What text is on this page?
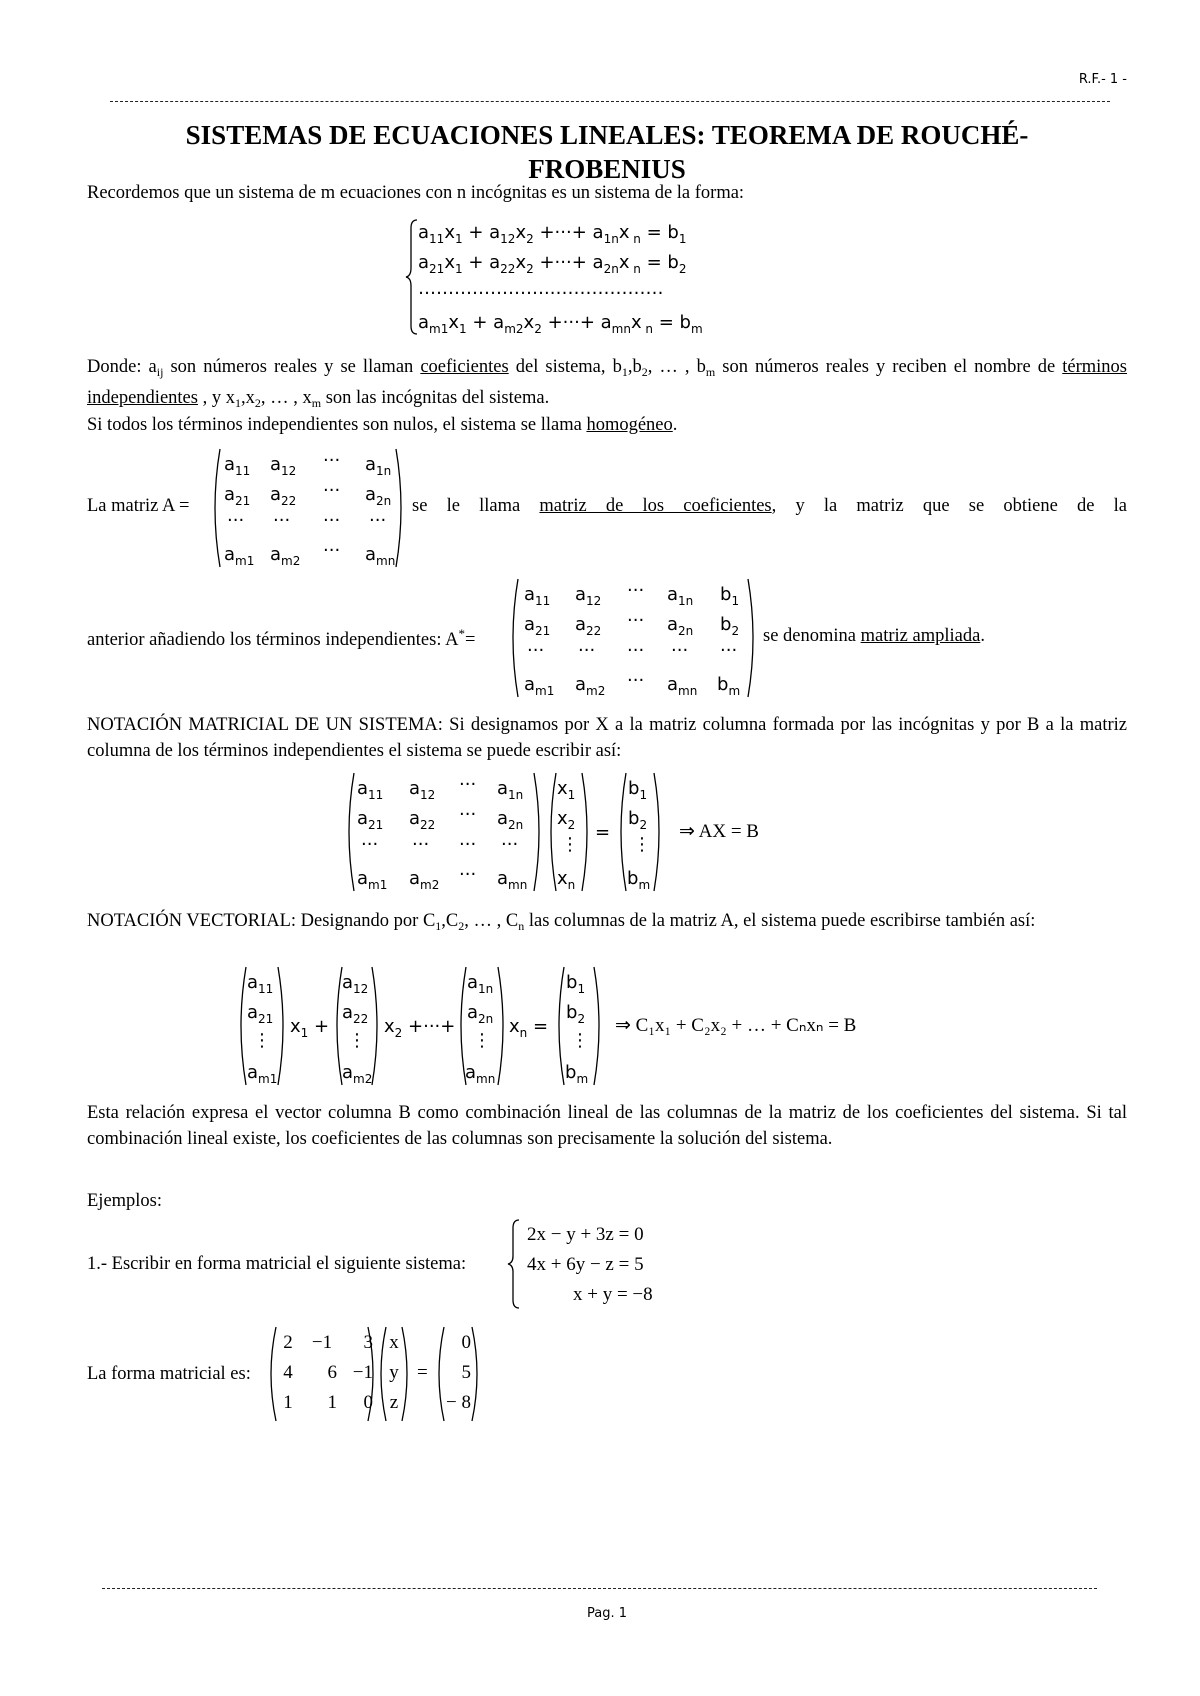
R.F.- 1 -
SISTEMAS DE ECUACIONES LINEALES: TEOREMA DE ROUCHÉ-
FROBENIUS
Recordemos que un sistema de m ecuaciones con n incógnitas es un sistema de la forma:
$a_{11}x_1 + a_{12}x_2$ +···+ $a_{1n}x$ $_n = b_1$
$a_{21}x_1 + a_{22}x_2$ +···+ $a_{2n}x$ $_n = b_2$
…………………..………………
$a_{m1}x_1 + a_{m2}x_2$ +···+ $a_{mn}x$ $_n = b_m$
Donde: $a_{ij}$ son números reales y se llaman coeficientes del sistema, $b_1,b_2$, … , $b_m$ son números reales y reciben el nombre de términos independientes , y $x_1,x_2$, … , $x_m$ son las incógnitas del sistema.
Si todos los términos independientes son nulos, el sistema se llama homogéneo.
La matriz A =
$a_{11}$ $a_{12}$ ··· $a_{1n}$
$a_{21}$ $a_{22}$ ··· $a_{2n}$
··· ··· ··· ···
$a_{m1}$ $a_{m2}$ ··· $a_{mn}$
se le llama matriz de los coeficientes, y la matriz que se obtiene de la
anterior añadiendo los términos independientes: A*=
$a_{11}$ $a_{12}$ ··· $a_{1n}$ $b_1$
$a_{21}$ $a_{22}$ ··· $a_{2n}$ $b_2$
··· ··· ··· ··· ···
$a_{m1}$ $a_{m2}$ ··· $a_{mn}$ $b_m$
se denomina matriz ampliada.
NOTACIÓN MATRICIAL DE UN SISTEMA: Si designamos por X a la matriz columna formada por las incógnitas y por B a la matriz columna de los términos independientes el sistema se puede escribir así:
$a_{11}$ $a_{12}$ ··· $a_{1n}$
$a_{21}$ $a_{22}$ ··· $a_{2n}$
··· ··· ··· ···
$a_{m1}$ $a_{m2}$ ··· $a_{mn}$
$x_1$
$x_2$
⋮
$x_n$
=
$b_1$
$b_2$
⋮
$b_m$
⇒ AX = B
NOTACIÓN VECTORIAL: Designando por $C_1,C_2$, … , $C_n$ las columnas de la matriz A, el sistema puede escribirse también así:
$a_{11}$
$a_{21}$
⋮
$a_{m1}$
$x_1$ +
$a_{12}$
$a_{22}$
⋮
$a_{m2}$
$x_2$ +···+
$a_{1n}$
$a_{2n}$
⋮
$a_{mn}$
$x_n$ =
$b_1$
$b_2$
⋮
$b_m$
⇒ C₁x₁ + C₂x₂ + … + Cₙxₙ = B
Esta relación expresa el vector columna B como combinación lineal de las columnas de la matriz de los coeficientes del sistema. Si tal combinación lineal existe, los coeficientes de las columnas son precisamente la solución del sistema.
Ejemplos:
1.- Escribir en forma matricial el siguiente sistema:
2x − y + 3z = 0
4x + 6y − z = 5
x + y = −8
La forma matricial es:
2 −1	3
4	6 −1
1	1	0
x
y
z
=
0
5
− 8
Pag. 1
